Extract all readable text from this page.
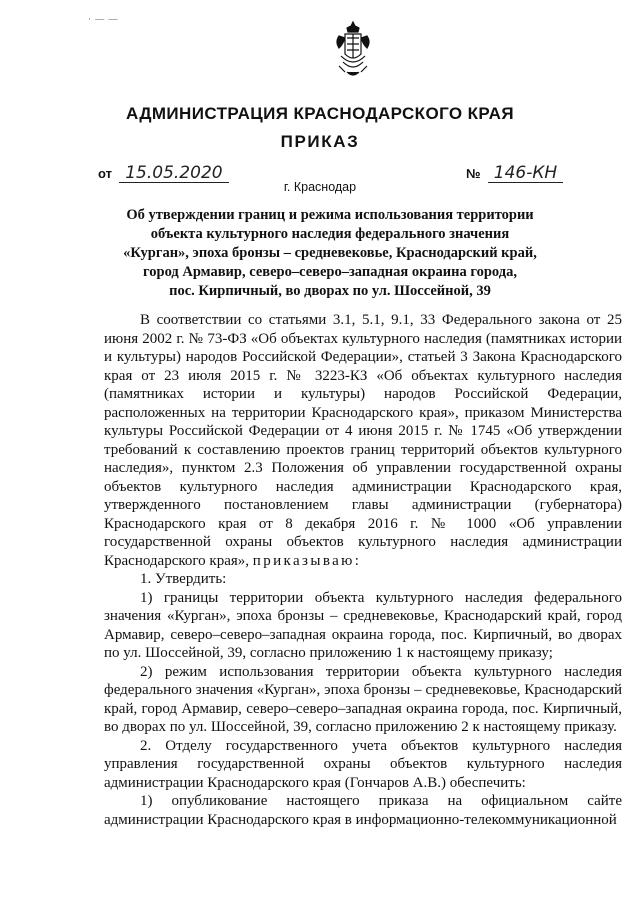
· — —
АДМИНИСТРАЦИЯ КРАСНОДАРСКОГО КРАЯ
ПРИКАЗ
от 15.05.2020	№ 146-КН
г. Краснодар
Об утверждении границ и режима использования территории
объекта культурного наследия федерального значения
«Курган», эпоха бронзы – средневековье, Краснодарский край,
город Армавир, северо–северо–западная окраина города,
пос. Кирпичный, во дворах по ул. Шоссейной, 39

В соответствии со статьями 3.1, 5.1, 9.1, 33 Федерального закона от 25 июня 2002 г. № 73-ФЗ «Об объектах культурного наследия (памятниках истории и культуры) народов Российской Федерации», статьей 3 Закона Краснодарского края от 23 июля 2015 г. № 3223-КЗ «Об объектах культурного наследия (памятниках истории и культуры) народов Российской Федерации, расположенных на территории Краснодарского края», приказом Министерства культуры Российской Федерации от 4 июня 2015 г. № 1745 «Об утверждении требований к составлению проектов границ территорий объектов культурного наследия», пунктом 2.3 Положения об управлении государственной охраны объектов культурного наследия администрации Краснодарского края, утвержденного постановлением главы администрации (губернатора) Краснодарского края от 8 декабря 2016 г. № 1000 «Об управлении государственной охраны объектов культурного наследия администрации Краснодарского края», приказываю:

1. Утвердить:

1) границы территории объекта культурного наследия федерального значения «Курган», эпоха бронзы – средневековье, Краснодарский край, город Армавир, северо–северо–западная окраина города, пос. Кирпичный, во дворах по ул. Шоссейной, 39, согласно приложению 1 к настоящему приказу;

2) режим использования территории объекта культурного наследия федерального значения «Курган», эпоха бронзы – средневековье, Краснодарский край, город Армавир, северо–северо–западная окраина города, пос. Кирпичный, во дворах по ул. Шоссейной, 39, согласно приложению 2 к настоящему приказу.

2. Отделу государственного учета объектов культурного наследия управления государственной охраны объектов культурного наследия администрации Краснодарского края (Гончаров А.В.) обеспечить:

1) опубликование настоящего приказа на официальном сайте администрации Краснодарского края в информационно-телекоммуникационной
